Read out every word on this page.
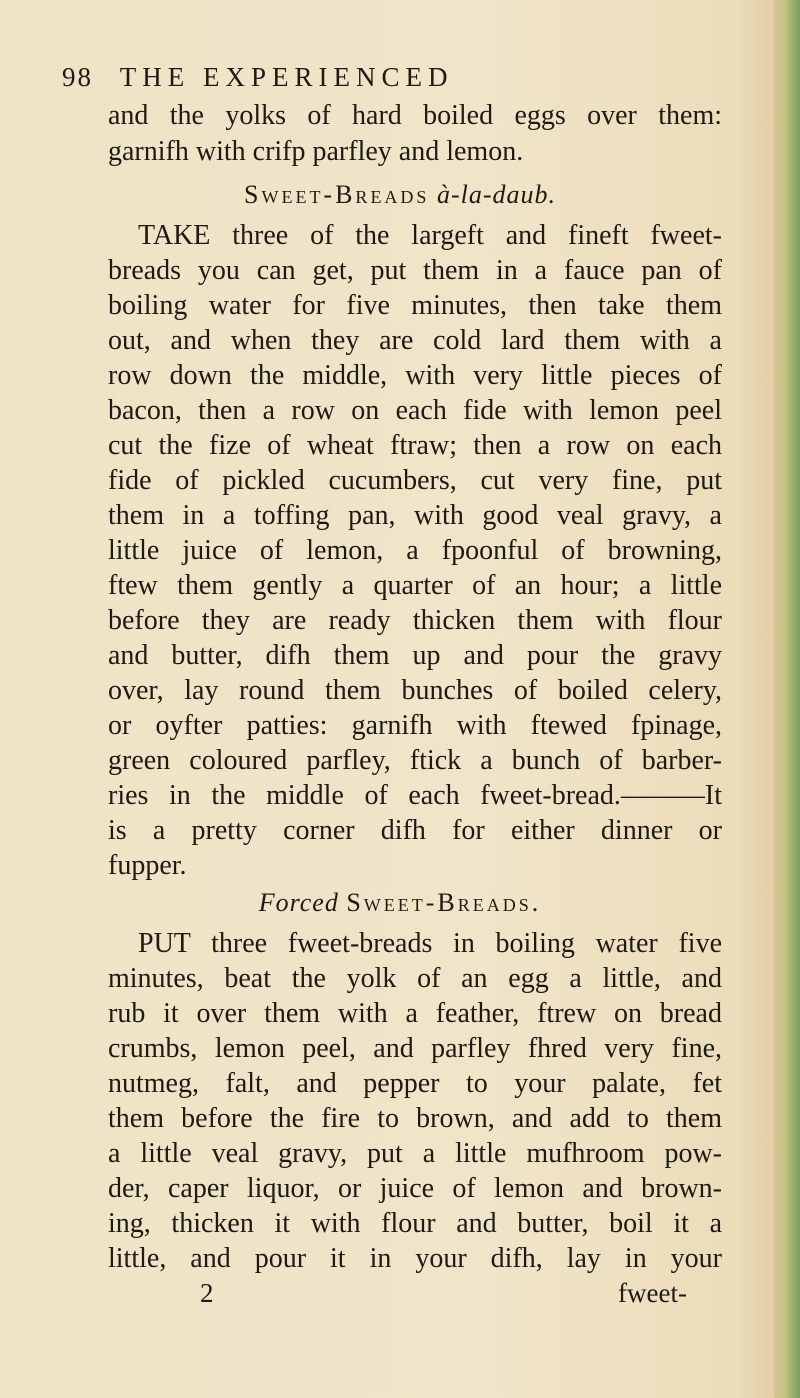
98 THE EXPERIENCED
and the yolks of hard boiled eggs over them:
garnifh with crifp parfley and lemon.
Sweet-Breads à-la-daub.
TAKE three of the largeft and fineft fweet-
breads you can get, put them in a fauce pan of
boiling water for five minutes, then take them
out, and when they are cold lard them with a
row down the middle, with very little pieces of
bacon, then a row on each fide with lemon peel
cut the fize of wheat ftraw; then a row on each
fide of pickled cucumbers, cut very fine, put
them in a toffing pan, with good veal gravy, a
little juice of lemon, a fpoonful of browning,
ftew them gently a quarter of an hour; a little
before they are ready thicken them with flour
and butter, difh them up and pour the gravy
over, lay round them bunches of boiled celery,
or oyfter patties: garnifh with ftewed fpinage,
green coloured parfley, ftick a bunch of barber-
ries in the middle of each fweet-bread.———It
is a pretty corner difh for either dinner or
fupper.
Forced Sweet-Breads.
PUT three fweet-breads in boiling water five
minutes, beat the yolk of an egg a little, and
rub it over them with a feather, ftrew on bread
crumbs, lemon peel, and parfley fhred very fine,
nutmeg, falt, and pepper to your palate, fet
them before the fire to brown, and add to them
a little veal gravy, put a little mufhroom pow-
der, caper liquor, or juice of lemon and brown-
ing, thicken it with flour and butter, boil it a
little, and pour it in your difh, lay in your
2	fweet-
